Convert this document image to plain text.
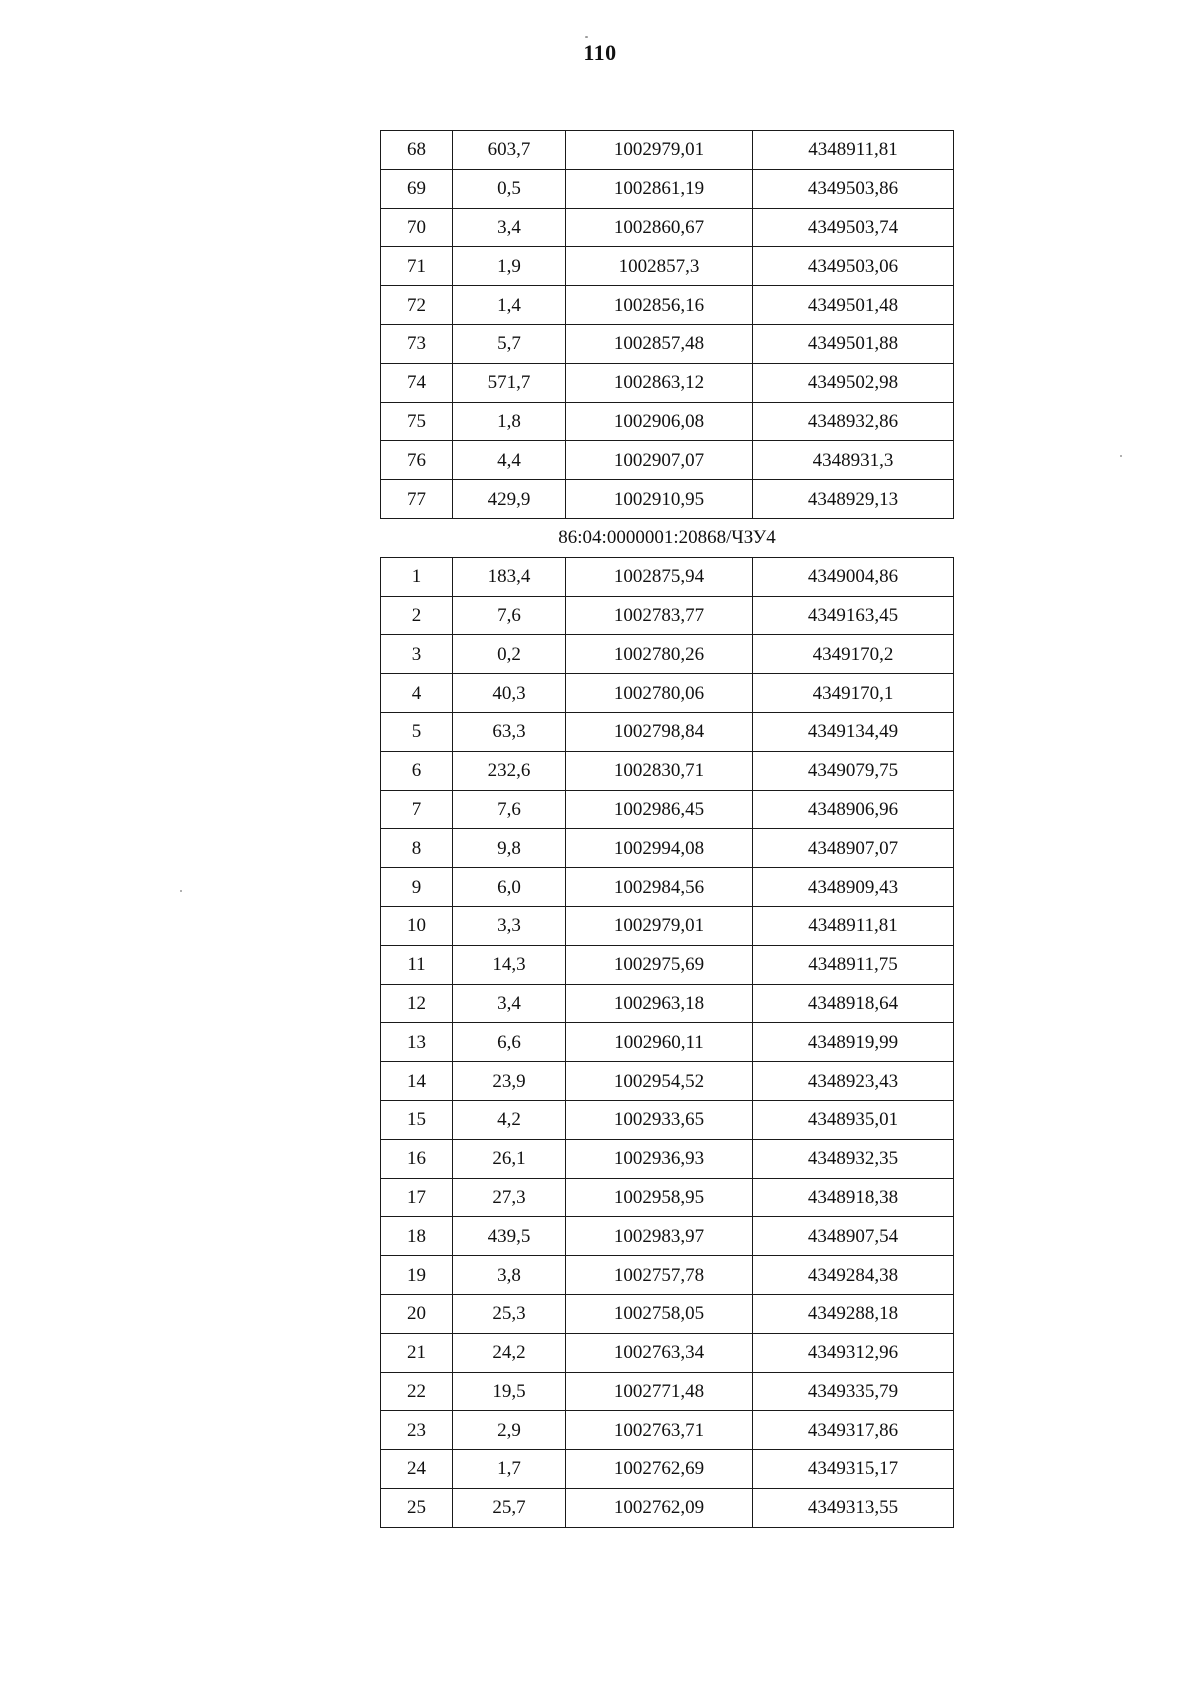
110
68	603,7	1002979,01	4348911,81
69	0,5	1002861,19	4349503,86
70	3,4	1002860,67	4349503,74
71	1,9	1002857,3	4349503,06
72	1,4	1002856,16	4349501,48
73	5,7	1002857,48	4349501,88
74	571,7	1002863,12	4349502,98
75	1,8	1002906,08	4348932,86
76	4,4	1002907,07	4348931,3
77	429,9	1002910,95	4348929,13
86:04:0000001:20868/ЧЗУ4			
1	183,4	1002875,94	4349004,86
2	7,6	1002783,77	4349163,45
3	0,2	1002780,26	4349170,2
4	40,3	1002780,06	4349170,1
5	63,3	1002798,84	4349134,49
6	232,6	1002830,71	4349079,75
7	7,6	1002986,45	4348906,96
8	9,8	1002994,08	4348907,07
9	6,0	1002984,56	4348909,43
10	3,3	1002979,01	4348911,81
11	14,3	1002975,69	4348911,75
12	3,4	1002963,18	4348918,64
13	6,6	1002960,11	4348919,99
14	23,9	1002954,52	4348923,43
15	4,2	1002933,65	4348935,01
16	26,1	1002936,93	4348932,35
17	27,3	1002958,95	4348918,38
18	439,5	1002983,97	4348907,54
19	3,8	1002757,78	4349284,38
20	25,3	1002758,05	4349288,18
21	24,2	1002763,34	4349312,96
22	19,5	1002771,48	4349335,79
23	2,9	1002763,71	4349317,86
24	1,7	1002762,69	4349315,17
25	25,7	1002762,09	4349313,55
